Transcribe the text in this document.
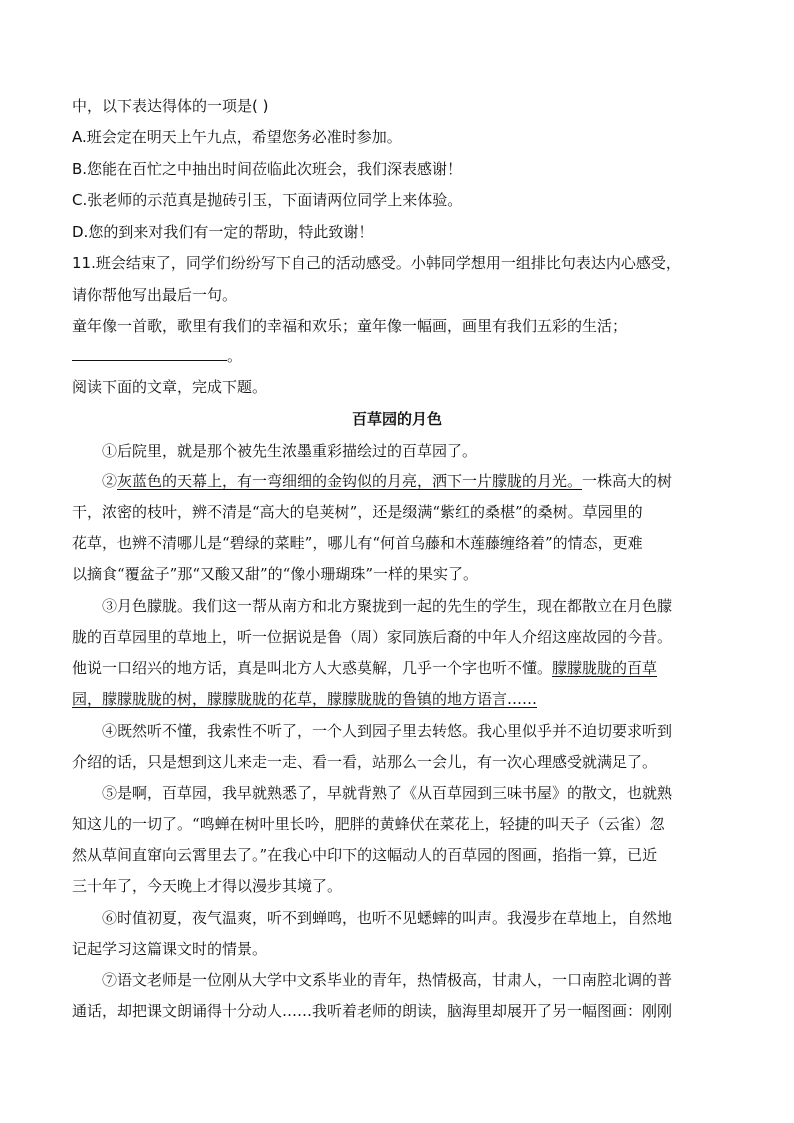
中，以下表达得体的一项是( )
A.班会定在明天上午九点，希望您务必准时参加。
B.您能在百忙之中抽出时间莅临此次班会，我们深表感谢！
C.张老师的示范真是抛砖引玉，下面请两位同学上来体验。
D.您的到来对我们有一定的帮助，特此致谢！
11.班会结束了，同学们纷纷写下自己的活动感受。小韩同学想用一组排比句表达内心感受，
请你帮他写出最后一句。
童年像一首歌，歌里有我们的幸福和欢乐；童年像一幅画，画里有我们五彩的生活；
。
阅读下面的文章，完成下题。
百草园的月色
①后院里，就是那个被先生浓墨重彩描绘过的百草园了。
②灰蓝色的天幕上，有一弯细细的金钩似的月亮，洒下一片朦胧的月光。一株高大的树
干，浓密的枝叶，辨不清是“高大的皂荚树”，还是缀满“紫红的桑椹”的桑树。草园里的
花草，也辨不清哪儿是“碧绿的菜畦”，哪儿有“何首乌藤和木莲藤缠络着”的情态，更难
以摘食“覆盆子”那“又酸又甜”的“像小珊瑚珠”一样的果实了。
③月色朦胧。我们这一帮从南方和北方聚拢到一起的先生的学生，现在都散立在月色朦
胧的百草园里的草地上，听一位据说是鲁（周）家同族后裔的中年人介绍这座故园的今昔。
他说一口绍兴的地方话，真是叫北方人大惑莫解，几乎一个字也听不懂。朦朦胧胧的百草
园，朦朦胧胧的树，朦朦胧胧的花草，朦朦胧胧的鲁镇的地方语言……
④既然听不懂，我索性不听了，一个人到园子里去转悠。我心里似乎并不迫切要求听到
介绍的话，只是想到这儿来走一走、看一看，站那么一会儿，有一次心理感受就满足了。
⑤是啊，百草园，我早就熟悉了，早就背熟了《从百草园到三味书屋》的散文，也就熟
知这儿的一切了。“鸣蝉在树叶里长吟，肥胖的黄蜂伏在菜花上，轻捷的叫天子（云雀）忽
然从草间直窜向云霄里去了。”在我心中印下的这幅动人的百草园的图画，掐指一算，已近
三十年了，今天晚上才得以漫步其境了。
⑥时值初夏，夜气温爽，听不到蝉鸣，也听不见蟋蟀的叫声。我漫步在草地上，自然地
记起学习这篇课文时的情景。
⑦语文老师是一位刚从大学中文系毕业的青年，热情极高，甘肃人，一口南腔北调的普
通话，却把课文朗诵得十分动人……我听着老师的朗读，脑海里却展开了另一幅图画：刚刚
